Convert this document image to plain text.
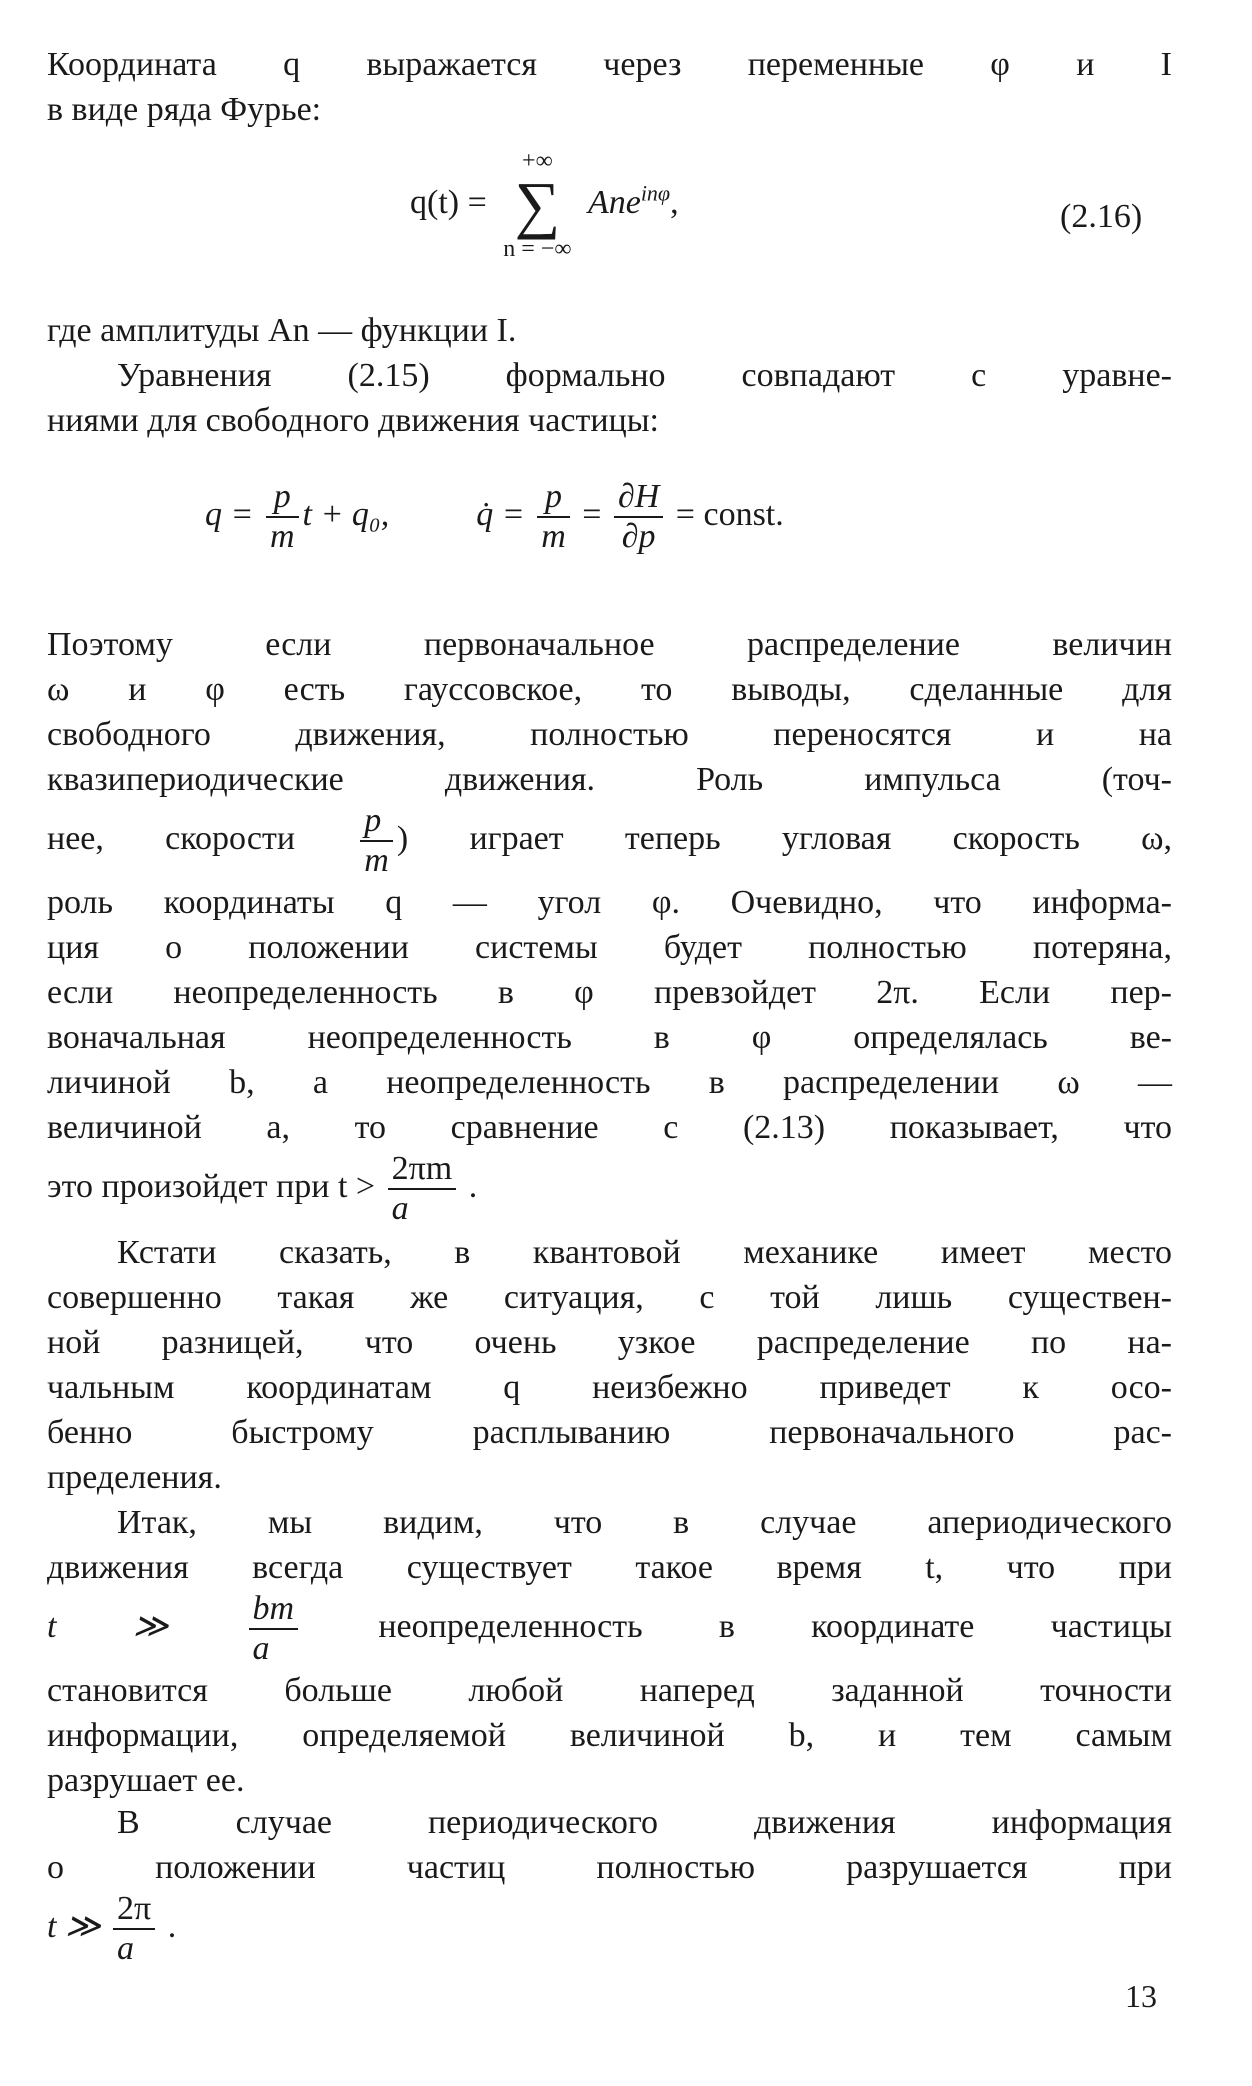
Координата q выражается через переменные φ и I

в виде ряда Фурье:

q(t) =
+∞
∑
n = −∞
Ane$^{in\varphi}$,	(2.16)

где амплитуды An — функции I.

Уравнения (2.15) формально совпадают с уравне-

ниями для свободного движения частицы:

$q = \frac{p}{m}$ t + q₀,	q̇ = $\frac{p}{m} = \frac{\partial H}{\partial p}$ = const.

Поэтому если первоначальное распределение величин

ω и φ есть гауссовское, то выводы, сделанные для

свободного движения, полностью переносятся и на

квазипериодические движения. Роль импульса (точ-

нее, скорости $\frac{p}{m}$ ) играет теперь угловая скорость ω,

роль координаты q — угол φ. Очевидно, что информа-

ция о положении системы будет полностью потеряна,

если неопределенность в φ превзойдет 2π. Если пер-

воначальная неопределенность в φ определялась ве-

личиной b, а неопределенность в распределении ω —

величиной a, то сравнение с (2.13) показывает, что

это произойдет при $t > \frac{2\pi m}{a}$ .

Кстати сказать, в квантовой механике имеет место

совершенно такая же ситуация, с той лишь существен-

ной разницей, что очень узкое распределение по на-

чальным координатам q неизбежно приведет к осо-

бенно быстрому расплыванию первоначального рас-

пределения.

Итак, мы видим, что в случае апериодического

движения всегда существует такое время t, что при

t ≫ $\frac{bm}{a}$ неопределенность в координате частицы

становится больше любой наперед заданной точности

информации, определяемой величиной b, и тем самым

разрушает ее.

В случае периодического движения информация

о положении частиц полностью разрушается при

t ≫ $\frac{2\pi}{a}$ .

13
